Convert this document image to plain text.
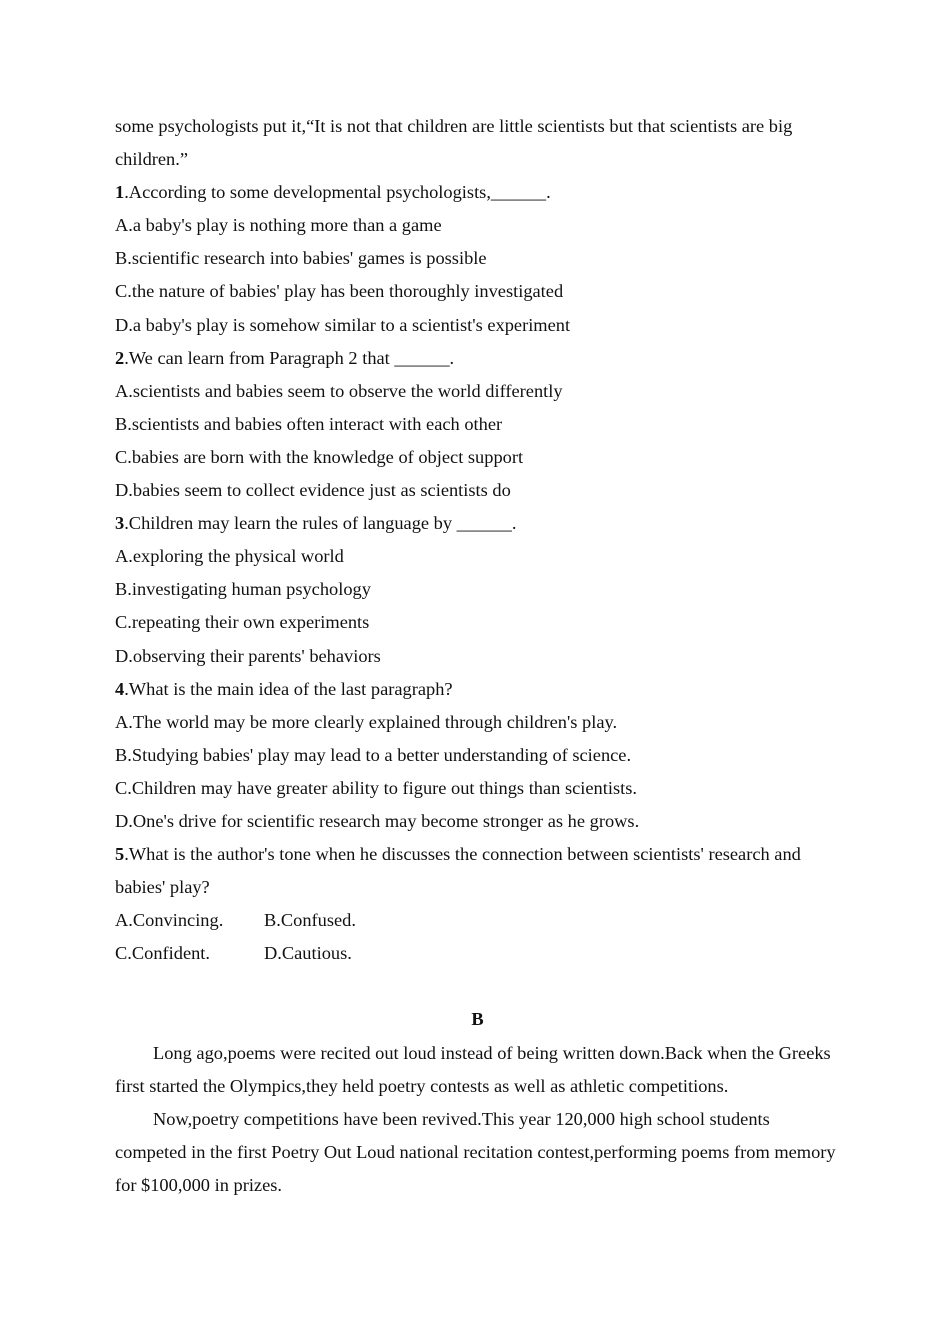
some psychologists put it,“It is not that children are little scientists but that scientists are big
children.”
1.According to some developmental psychologists,______.
A.a baby's play is nothing more than a game
B.scientific research into babies' games is possible
C.the nature of babies' play has been thoroughly investigated
D.a baby's play is somehow similar to a scientist's experiment
2.We can learn from Paragraph 2 that ______.
A.scientists and babies seem to observe the world differently
B.scientists and babies often interact with each other
C.babies are born with the knowledge of object support
D.babies seem to collect evidence just as scientists do
3.Children may learn the rules of language by ______.
A.exploring the physical world
B.investigating human psychology
C.repeating their own experiments
D.observing their parents' behaviors
4.What is the main idea of the last paragraph?
A.The world may be more clearly explained through children's play.
B.Studying babies' play may lead to a better understanding of science.
C.Children may have greater ability to figure out things than scientists.
D.One's drive for scientific research may become stronger as he grows.
5.What is the author's tone when he discusses the connection between scientists' research and
babies' play?
A.Convincing.	B.Confused.
C.Confident.	D.Cautious.
B
Long ago,poems were recited out loud instead of being written down.Back when the Greeks first started the Olympics,they held poetry contests as well as athletic competitions.
Now,poetry competitions have been revived.This year 120,000 high school students competed in the first Poetry Out Loud national recitation contest,performing poems from memory for $100,000 in prizes.
